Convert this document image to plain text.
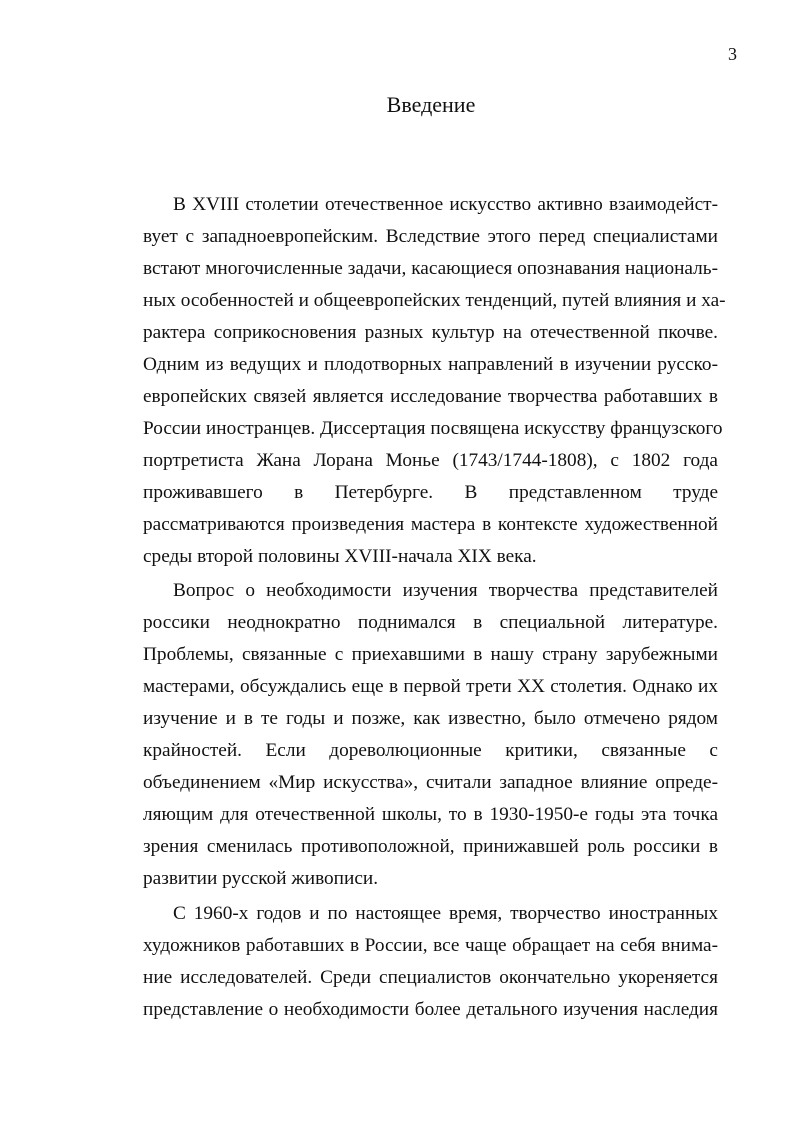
3
Введение
В XVIII столетии отечественное искусство активно взаимодейст-
вует с западноевропейским. Вследствие этого перед специалистами
встают многочисленные задачи, касающиеся опознавания националь-
ных особенностей и общеевропейских тенденций, путей влияния и ха-
рактера соприкосновения разных культур на отечественной пкочве.
Одним из ведущих и плодотворных направлений в изучении русско-
европейских связей является исследование творчества работавших в
России иностранцев. Диссертация посвящена искусству французского
портретиста Жана Лорана Монье (1743/1744-1808), с 1802 года
проживавшего в Петербурге. В представленном труде
рассматриваются произведения мастера в контексте художественной
среды второй половины XVIII-начала XIX века.
Вопрос о необходимости изучения творчества представителей
россики неоднократно поднимался в специальной литературе.
Проблемы, связанные с приехавшими в нашу страну зарубежными
мастерами, обсуждались еще в первой трети XX столетия. Однако их
изучение и в те годы и позже, как известно, было отмечено рядом
крайностей. Если дореволюционные критики, связанные с
объединением «Мир искусства», считали западное влияние опреде-
ляющим для отечественной школы, то в 1930-1950-е годы эта точка
зрения сменилась противоположной, принижавшей роль россики в
развитии русской живописи.
С 1960-х годов и по настоящее время, творчество иностранных
художников работавших в России, все чаще обращает на себя внима-
ние исследователей. Среди специалистов окончательно укореняется
представление о необходимости более детального изучения наследия
